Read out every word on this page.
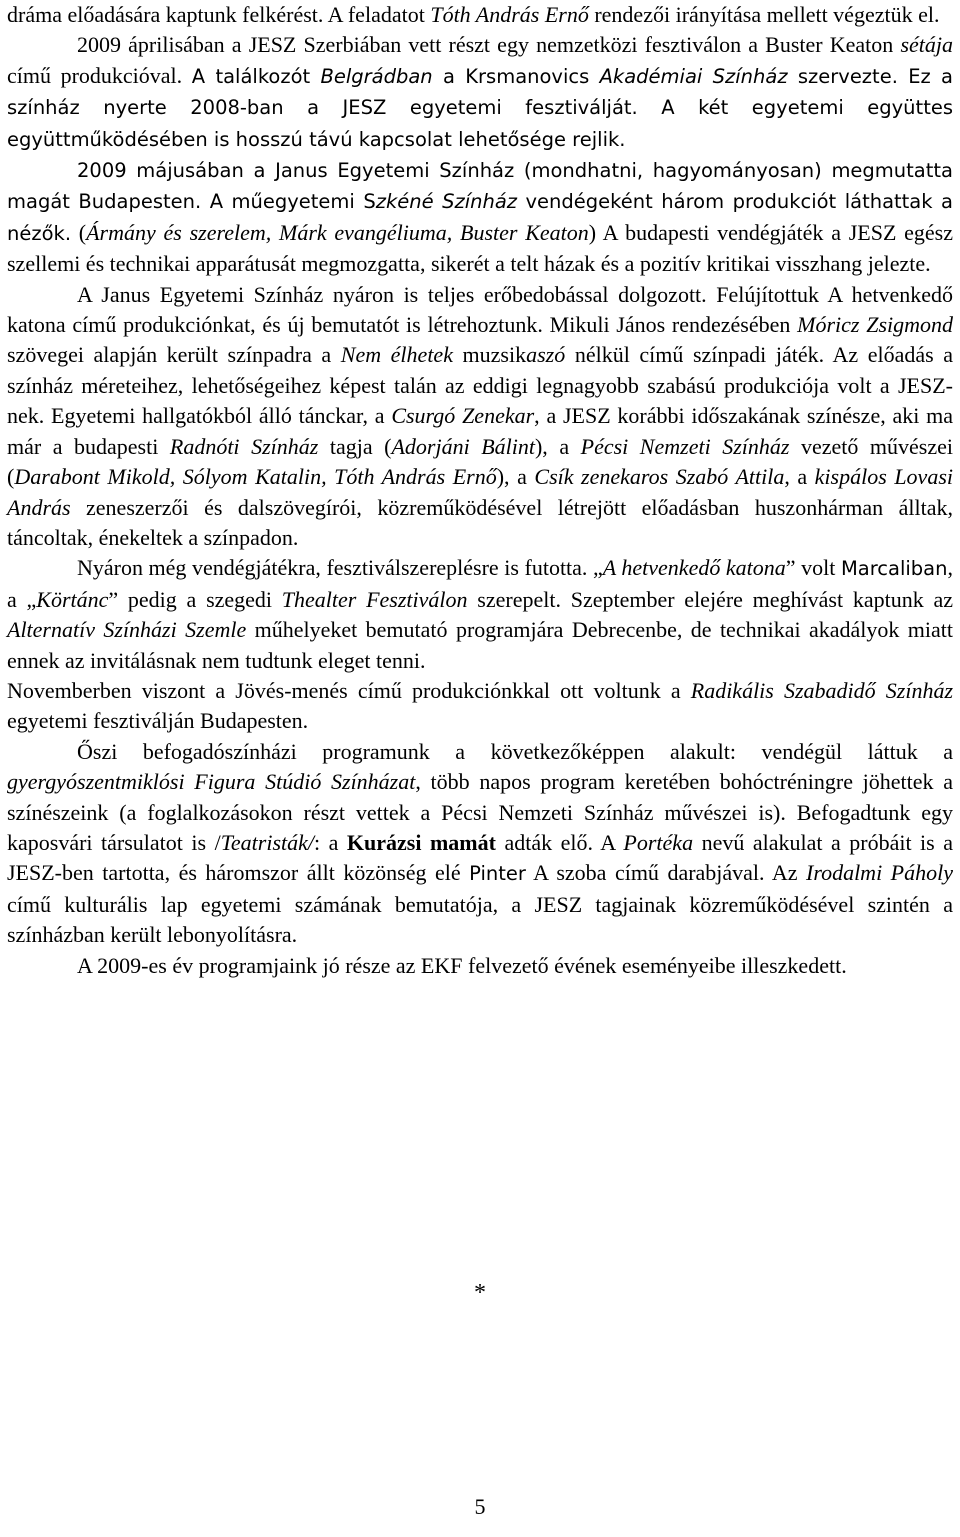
dráma előadására kaptunk felkérést. A feladatot Tóth András Ernő rendezői irányítása mellett végeztük el.

2009 áprilisában a JESZ Szerbiában vett részt egy nemzetközi fesztiválon a Buster Keaton sétája című produkcióval. A találkozót Belgrádban a Krsmanovics Akadémiai Színház szervezte. Ez a színház nyerte 2008-ban a JESZ egyetemi fesztiválját. A két egyetemi együttes együttműködésében is hosszú távú kapcsolat lehetősége rejlik.

2009 májusában a Janus Egyetemi Színház (mondhatni, hagyományosan) megmutatta magát Budapesten. A műegyetemi Szkéné Színház vendégeként három produkciót láthattak a nézők. (Ármány és szerelem, Márk evangéliuma, Buster Keaton) A budapesti vendégjáték a JESZ egész szellemi és technikai apparátusát megmozgatta, sikerét a telt házak és a pozitív kritikai visszhang jelezte.

A Janus Egyetemi Színház nyáron is teljes erőbedobással dolgozott. Felújítottuk A hetvenkedő katona című produkciónkat, és új bemutatót is létrehoztunk. Mikuli János rendezésében Móricz Zsigmond szövegei alapján került színpadra a Nem élhetek muzsikaszó nélkül című színpadi játék. Az előadás a színház méreteihez, lehetőségeihez képest talán az eddigi legnagyobb szabású produkciója volt a JESZ-nek. Egyetemi hallgatókból álló tánckar, a Csurgó Zenekar, a JESZ korábbi időszakának színésze, aki ma már a budapesti Radnóti Színház tagja (Adorjáni Bálint), a Pécsi Nemzeti Színház vezető művészei (Darabont Mikold, Sólyom Katalin, Tóth András Ernő), a Csík zenekaros Szabó Attila, a kispálos Lovasi András zeneszerzői és dalszövegírói, közreműködésével létrejött előadásban huszonhárman álltak, táncoltak, énekeltek a színpadon.

Nyáron még vendégjátékra, fesztiválszereplésre is futotta. „A hetvenkedő katona” volt Marcaliban, a „Körtánc” pedig a szegedi Thealter Fesztiválon szerepelt. Szeptember elejére meghívást kaptunk az Alternatív Színházi Szemle műhelyeket bemutató programjára Debrecenbe, de technikai akadályok miatt ennek az invitálásnak nem tudtunk eleget tenni.

Novemberben viszont a Jövés-menés című produkciónkkal ott voltunk a Radikális Szabadidő Színház egyetemi fesztiválján Budapesten.

Őszi befogadószínházi programunk a következőképpen alakult: vendégül láttuk a gyergyószentmiklósi Figura Stúdió Színházat, több napos program keretében bohóctréningre jöhettek a színészeink (a foglalkozásokon részt vettek a Pécsi Nemzeti Színház művészei is). Befogadtunk egy kaposvári társulatot is /Teatristák/: a Kurázsi mamát adták elő. A Portéka nevű alakulat a próbáit is a JESZ-ben tartotta, és háromszor állt közönség elé Pinter A szoba című darabjával. Az Irodalmi Páholy című kulturális lap egyetemi számának bemutatója, a JESZ tagjainak közreműködésével szintén a színházban került lebonyolításra.

A 2009-es év programjaink jó része az EKF felvezető évének eseményeibe illeszkedett.

*
5
